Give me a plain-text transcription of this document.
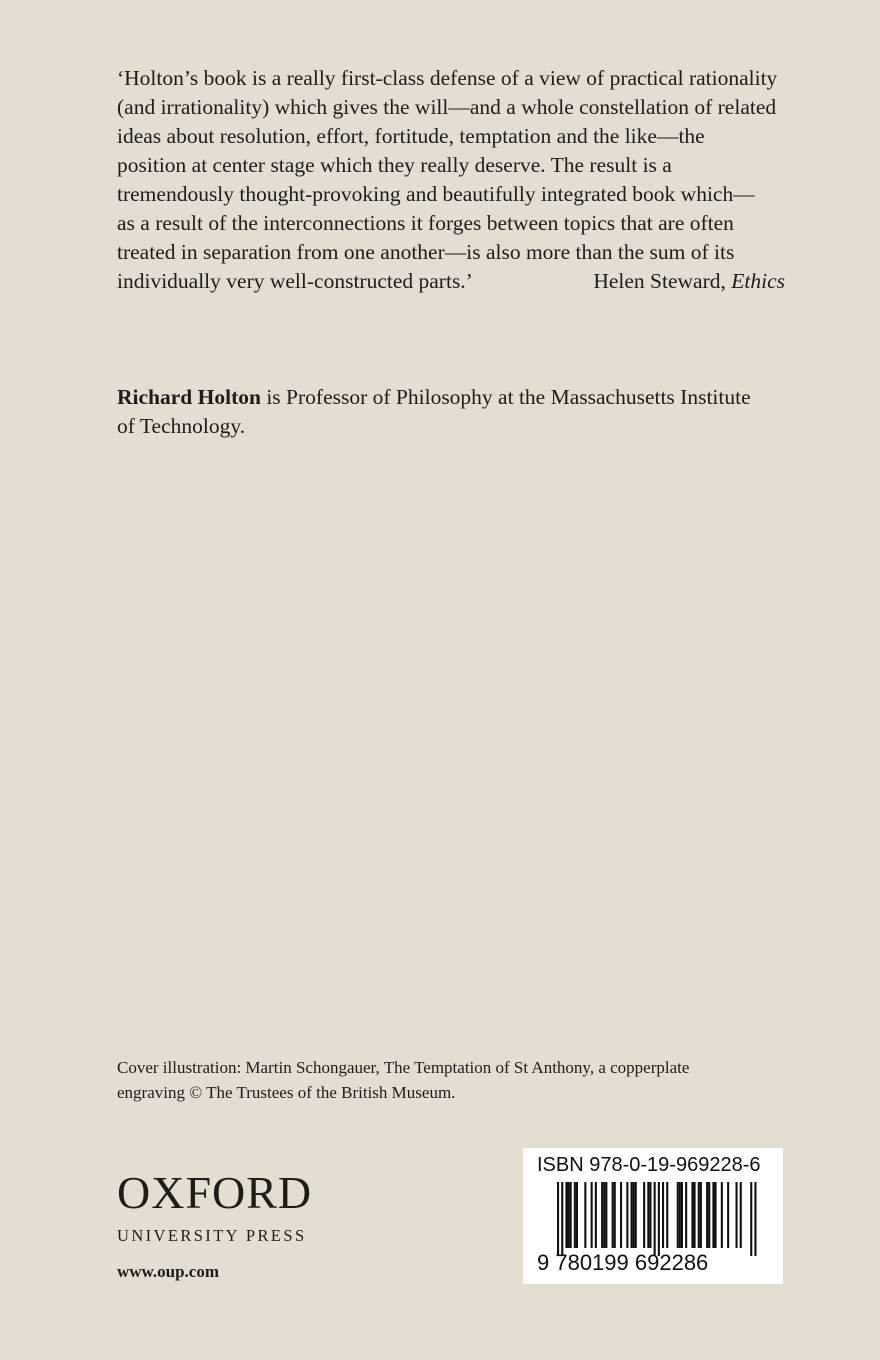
‘Holton’s book is a really first-class defense of a view of practical rationality
(and irrationality) which gives the will—and a whole constellation of related
ideas about resolution, effort, fortitude, temptation and the like—the
position at center stage which they really deserve. The result is a
tremendously thought-provoking and beautifully integrated book which—
as a result of the interconnections it forges between topics that are often
treated in separation from one another—is also more than the sum of its
individually very well-constructed parts.’	Helen Steward, Ethics
Richard Holton is Professor of Philosophy at the Massachusetts Institute
of Technology.
Cover illustration: Martin Schongauer, The Temptation of St Anthony, a copperplate
engraving © The Trustees of the British Museum.
OXFORD
UNIVERSITY PRESS
www.oup.com
ISBN 978-0-19-969228-6
9 780199 692286
